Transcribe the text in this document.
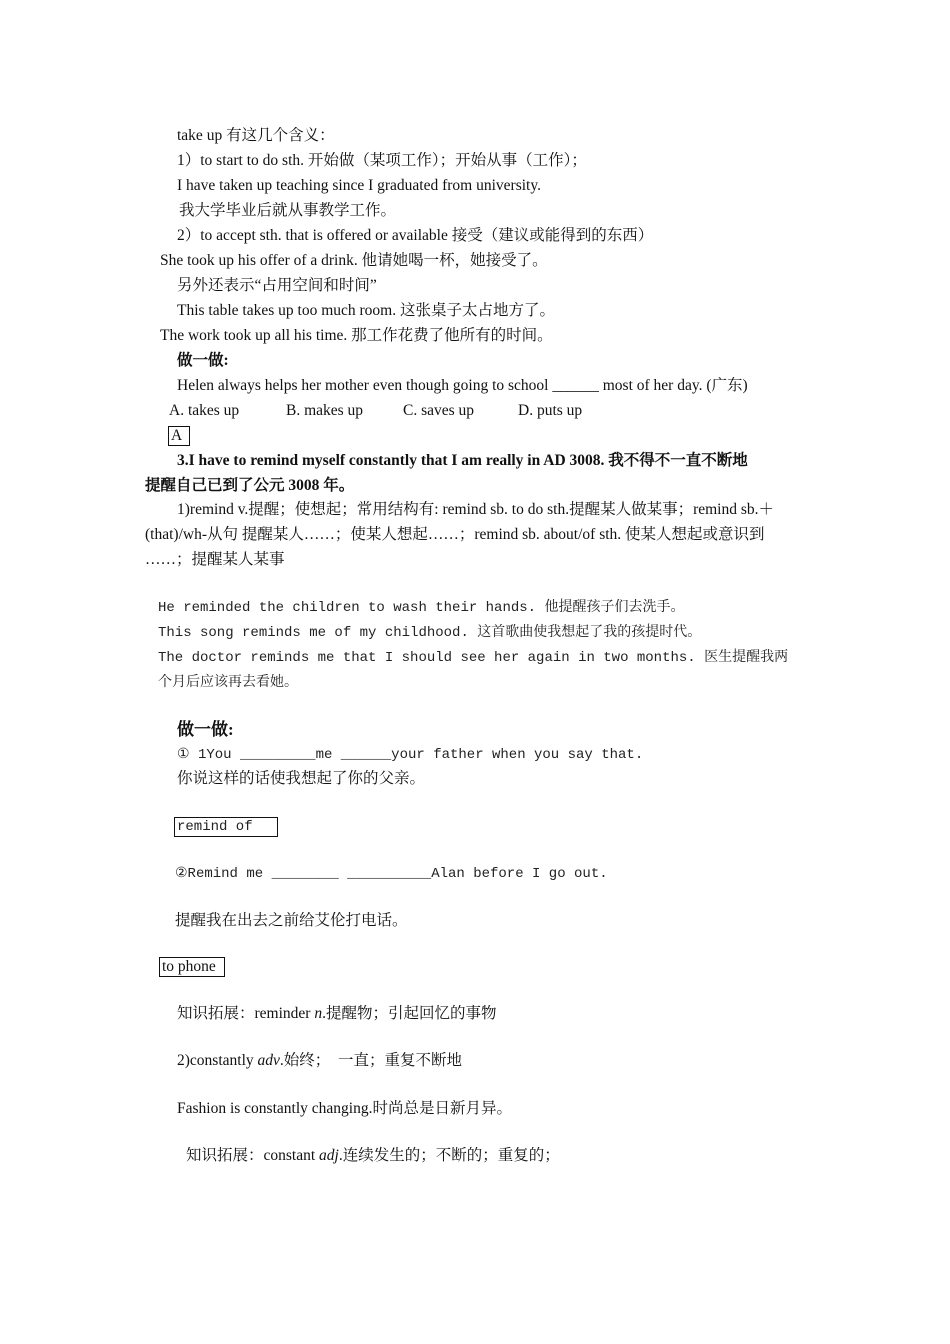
take up 有这几个含义：
1）to start to do sth. 开始做（某项工作）；开始从事（工作）；
I have taken up teaching since I graduated from university.
我大学毕业后就从事教学工作。
2）to accept sth. that is offered or available 接受（建议或能得到的东西）
She took up his offer of a drink. 他请她喝一杯，她接受了。
另外还表示“占用空间和时间”
This table takes up too much room. 这张桌子太占地方了。
The work took up all his time. 那工作花费了他所有的时间。
做一做:
Helen always helps her mother even though going to school ______ most of her day. (广东)
A. takes up	B. makes up	C. saves up	D. puts up
A
3.I have to remind myself constantly that I am really in AD 3008. 我不得不一直不断地
提醒自己已到了公元 3008 年。
1)remind v.提醒；使想起；常用结构有: remind sb. to do sth.提醒某人做某事；remind sb.＋
(that)/wh-从句 提醒某人……；使某人想起……；remind sb. about/of sth. 使某人想起或意识到
……；提醒某人某事
He reminded the children to wash their hands. 他提醒孩子们去洗手。
This song reminds me of my childhood. 这首歌曲使我想起了我的孩提时代。
The doctor reminds me that I should see her again in two months. 医生提醒我两
个月后应该再去看她。
做一做:
① 1You _________me ______your father when you say that.
你说这样的话使我想起了你的父亲。
remind of
②Remind me ________ __________Alan before I go out.
提醒我在出去之前给艾伦打电话。
to phone
知识拓展：reminder n.提醒物；引起回忆的事物
2)constantly adv.始终；  一直；重复不断地
Fashion is constantly changing.时尚总是日新月异。
知识拓展：constant adj.连续发生的；不断的；重复的；
